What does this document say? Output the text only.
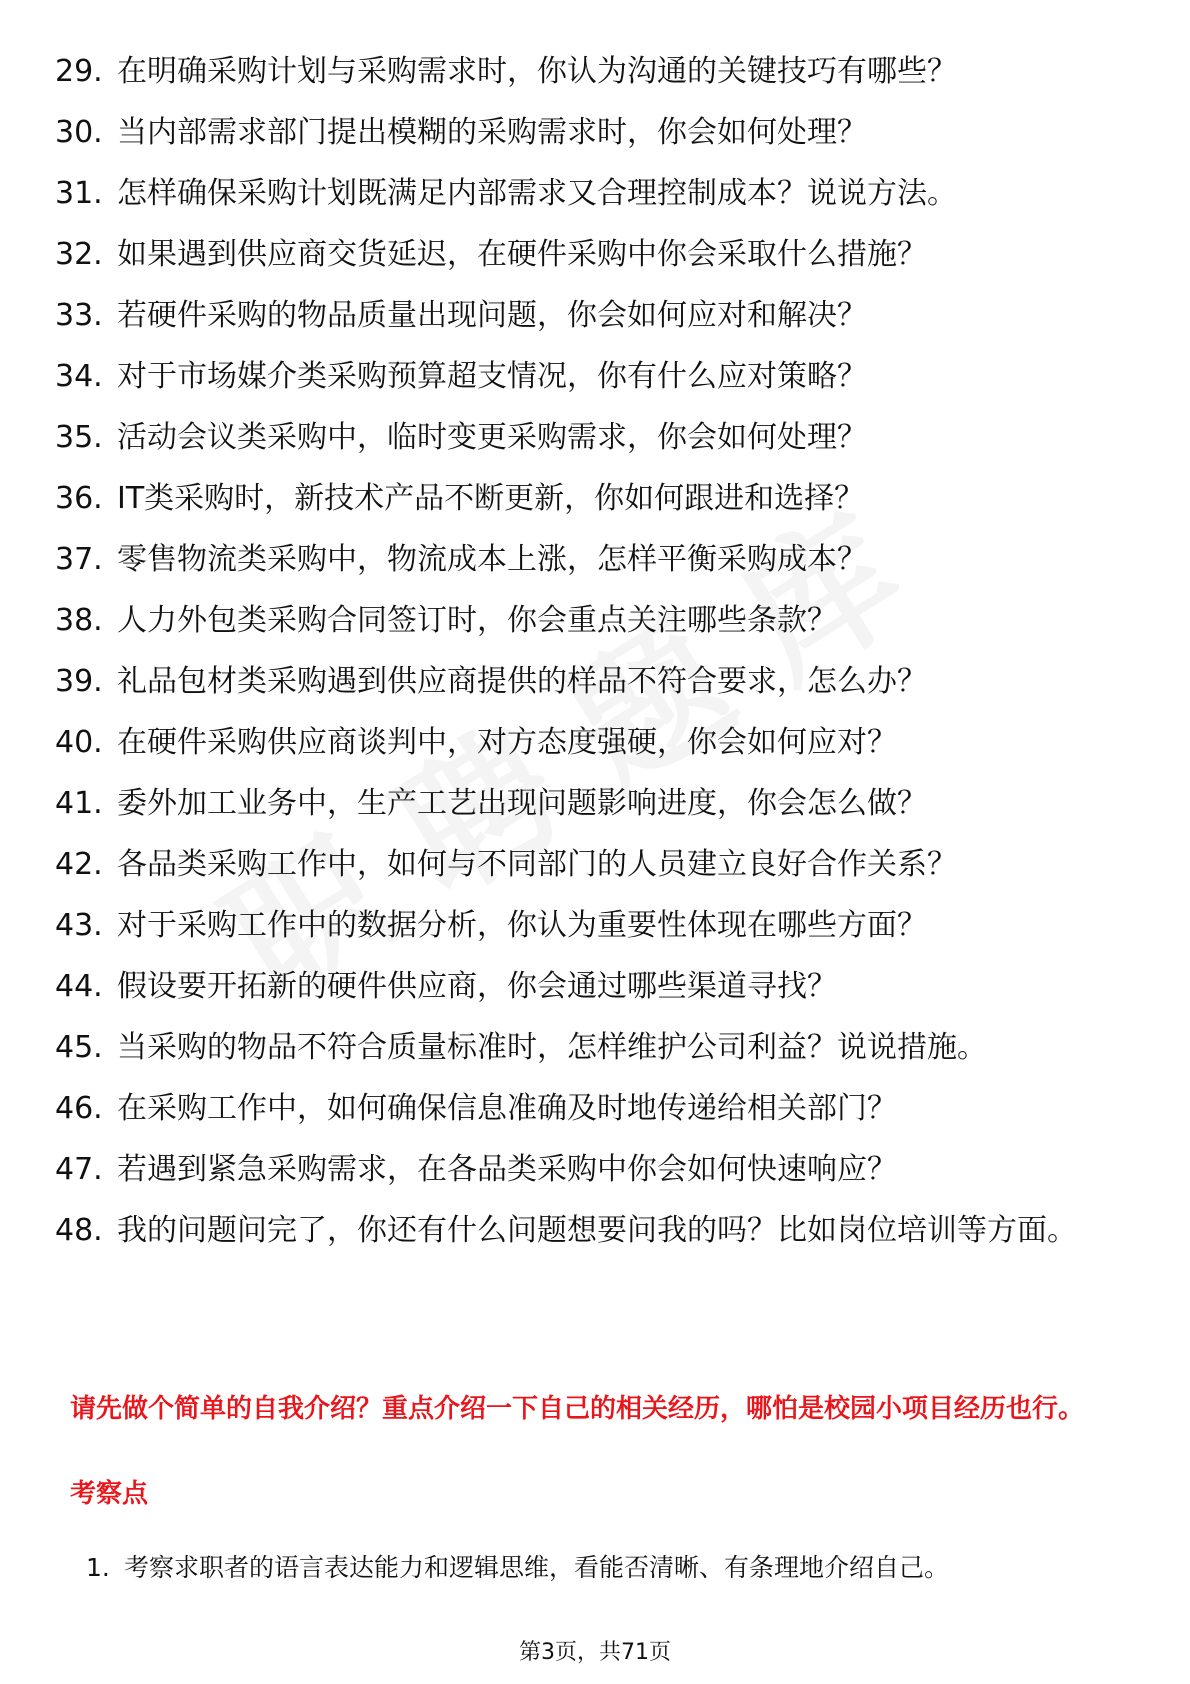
29. 在明确采购计划与采购需求时，你认为沟通的关键技巧有哪些？
30. 当内部需求部门提出模糊的采购需求时，你会如何处理？
31. 怎样确保采购计划既满足内部需求又合理控制成本？说说方法。
32. 如果遇到供应商交货延迟，在硬件采购中你会采取什么措施？
33. 若硬件采购的物品质量出现问题，你会如何应对和解决？
34. 对于市场媒介类采购预算超支情况，你有什么应对策略？
35. 活动会议类采购中，临时变更采购需求，你会如何处理？
36. IT类采购时，新技术产品不断更新，你如何跟进和选择？
37. 零售物流类采购中，物流成本上涨，怎样平衡采购成本？
38. 人力外包类采购合同签订时，你会重点关注哪些条款？
39. 礼品包材类采购遇到供应商提供的样品不符合要求，怎么办？
40. 在硬件采购供应商谈判中，对方态度强硬，你会如何应对？
41. 委外加工业务中，生产工艺出现问题影响进度，你会怎么做？
42. 各品类采购工作中，如何与不同部门的人员建立良好合作关系？
43. 对于采购工作中的数据分析，你认为重要性体现在哪些方面？
44. 假设要开拓新的硬件供应商，你会通过哪些渠道寻找？
45. 当采购的物品不符合质量标准时，怎样维护公司利益？说说措施。
46. 在采购工作中，如何确保信息准确及时地传递给相关部门？
47. 若遇到紧急采购需求，在各品类采购中你会如何快速响应？
48. 我的问题问完了，你还有什么问题想要问我的吗？比如岗位培训等方面。

请先做个简单的自我介绍？重点介绍一下自己的相关经历，哪怕是校园小项目经历也行。

考察点

1. 考察求职者的语言表达能力和逻辑思维，看能否清晰、有条理地介绍自己。
第3页，共71页
